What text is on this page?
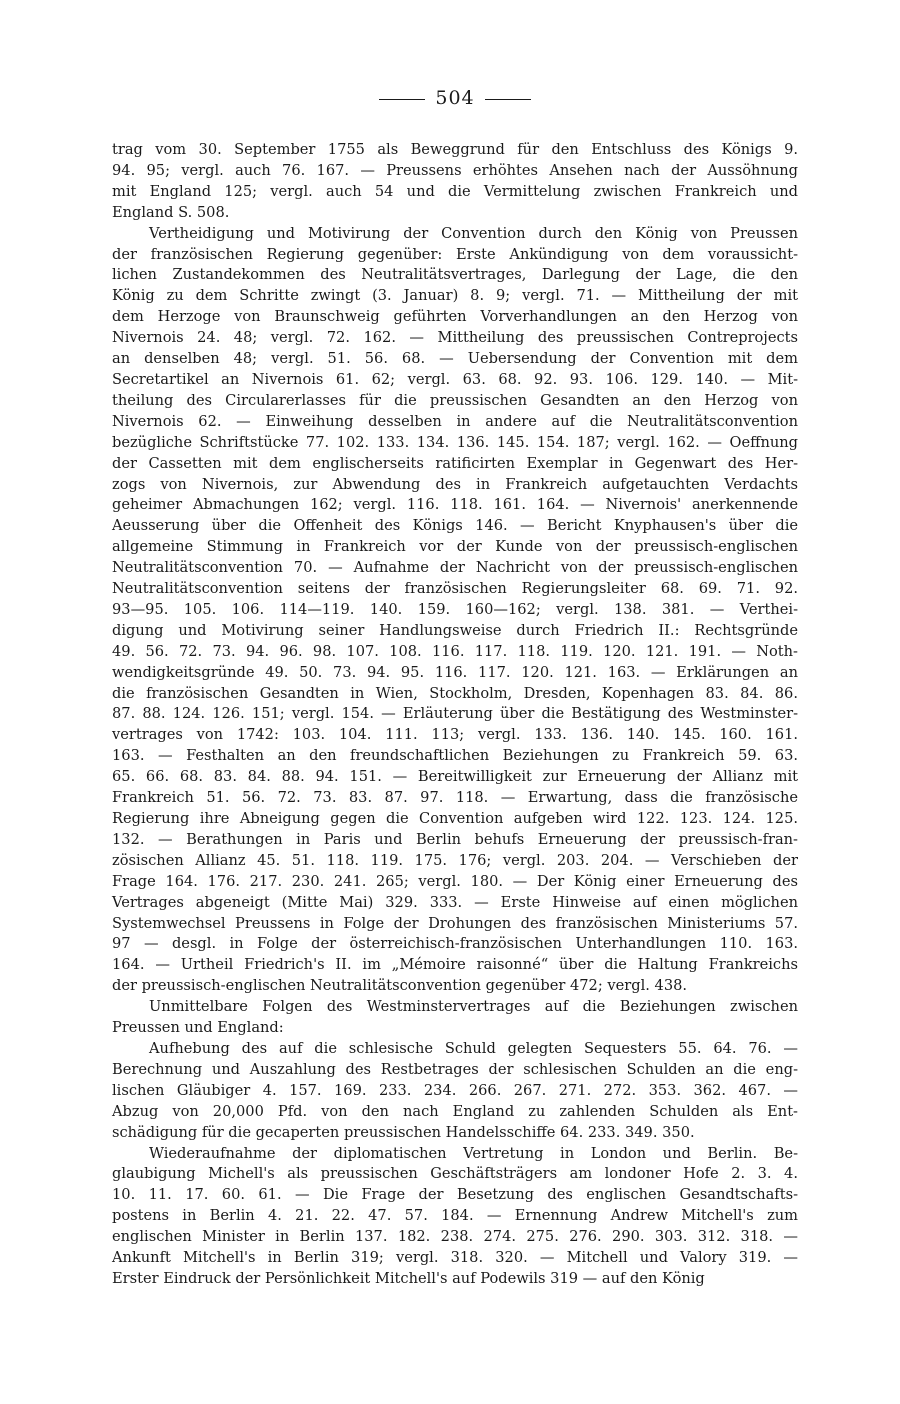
504

trag vom 30. September 1755 als Beweggrund für den Entschluss des Königs 9.

94. 95; vergl. auch 76. 167. — Preussens erhöhtes Ansehen nach der Aussöhnung

mit England 125; vergl. auch 54 und die Vermittelung zwischen Frankreich und

England S. 508.

Vertheidigung und Motivirung der Convention durch den König von Preussen

der französischen Regierung gegenüber: Erste Ankündigung von dem voraussicht-

lichen Zustandekommen des Neutralitätsvertrages, Darlegung der Lage, die den

König zu dem Schritte zwingt (3. Januar) 8. 9; vergl. 71. — Mittheilung der mit

dem Herzoge von Braunschweig geführten Vorverhandlungen an den Herzog von

Nivernois 24. 48; vergl. 72. 162. — Mittheilung des preussischen Contreprojects

an denselben 48; vergl. 51. 56. 68. — Uebersendung der Convention mit dem

Secretartikel an Nivernois 61. 62; vergl. 63. 68. 92. 93. 106. 129. 140. — Mit-

theilung des Circularerlasses für die preussischen Gesandten an den Herzog von

Nivernois 62. — Einweihung desselben in andere auf die Neutralitätsconvention

bezügliche Schriftstücke 77. 102. 133. 134. 136. 145. 154. 187; vergl. 162. — Oeffnung

der Cassetten mit dem englischerseits ratificirten Exemplar in Gegenwart des Her-

zogs von Nivernois, zur Abwendung des in Frankreich aufgetauchten Verdachts

geheimer Abmachungen 162; vergl. 116. 118. 161. 164. — Nivernois' anerkennende

Aeusserung über die Offenheit des Königs 146. — Bericht Knyphausen's über die

allgemeine Stimmung in Frankreich vor der Kunde von der preussisch-englischen

Neutralitätsconvention 70. — Aufnahme der Nachricht von der preussisch-englischen

Neutralitätsconvention seitens der französischen Regierungsleiter 68. 69. 71. 92.

93—95. 105. 106. 114—119. 140. 159. 160—162; vergl. 138. 381. — Verthei-

digung und Motivirung seiner Handlungsweise durch Friedrich II.: Rechtsgründe

49. 56. 72. 73. 94. 96. 98. 107. 108. 116. 117. 118. 119. 120. 121. 191. — Noth-

wendigkeitsgründe 49. 50. 73. 94. 95. 116. 117. 120. 121. 163. — Erklärungen an

die französischen Gesandten in Wien, Stockholm, Dresden, Kopenhagen 83. 84. 86.

87. 88. 124. 126. 151; vergl. 154. — Erläuterung über die Bestätigung des Westminster-

vertrages von 1742: 103. 104. 111. 113; vergl. 133. 136. 140. 145. 160. 161.

163. — Festhalten an den freundschaftlichen Beziehungen zu Frankreich 59. 63.

65. 66. 68. 83. 84. 88. 94. 151. — Bereitwilligkeit zur Erneuerung der Allianz mit

Frankreich 51. 56. 72. 73. 83. 87. 97. 118. — Erwartung, dass die französische

Regierung ihre Abneigung gegen die Convention aufgeben wird 122. 123. 124. 125.

132. — Berathungen in Paris und Berlin behufs Erneuerung der preussisch-fran-

zösischen Allianz 45. 51. 118. 119. 175. 176; vergl. 203. 204. — Verschieben der

Frage 164. 176. 217. 230. 241. 265; vergl. 180. — Der König einer Erneuerung des

Vertrages abgeneigt (Mitte Mai) 329. 333. — Erste Hinweise auf einen möglichen

Systemwechsel Preussens in Folge der Drohungen des französischen Ministeriums 57.

97 — desgl. in Folge der österreichisch-französischen Unterhandlungen 110. 163.

164. — Urtheil Friedrich's II. im „Mémoire raisonné“ über die Haltung Frankreichs

der preussisch-englischen Neutralitätsconvention gegenüber 472; vergl. 438.

Unmittelbare Folgen des Westminstervertrages auf die Beziehungen zwischen

Preussen und England:

Aufhebung des auf die schlesische Schuld gelegten Sequesters 55. 64. 76. —

Berechnung und Auszahlung des Restbetrages der schlesischen Schulden an die eng-

lischen Gläubiger 4. 157. 169. 233. 234. 266. 267. 271. 272. 353. 362. 467. —

Abzug von 20,000 Pfd. von den nach England zu zahlenden Schulden als Ent-

schädigung für die gecaperten preussischen Handelsschiffe 64. 233. 349. 350.

Wiederaufnahme der diplomatischen Vertretung in London und Berlin. Be-

glaubigung Michell's als preussischen Geschäftsträgers am londoner Hofe 2. 3. 4.

10. 11. 17. 60. 61. — Die Frage der Besetzung des englischen Gesandtschafts-

postens in Berlin 4. 21. 22. 47. 57. 184. — Ernennung Andrew Mitchell's zum

englischen Minister in Berlin 137. 182. 238. 274. 275. 276. 290. 303. 312. 318. —

Ankunft Mitchell's in Berlin 319; vergl. 318. 320. — Mitchell und Valory 319. —

Erster Eindruck der Persönlichkeit Mitchell's auf Podewils 319 — auf den König
